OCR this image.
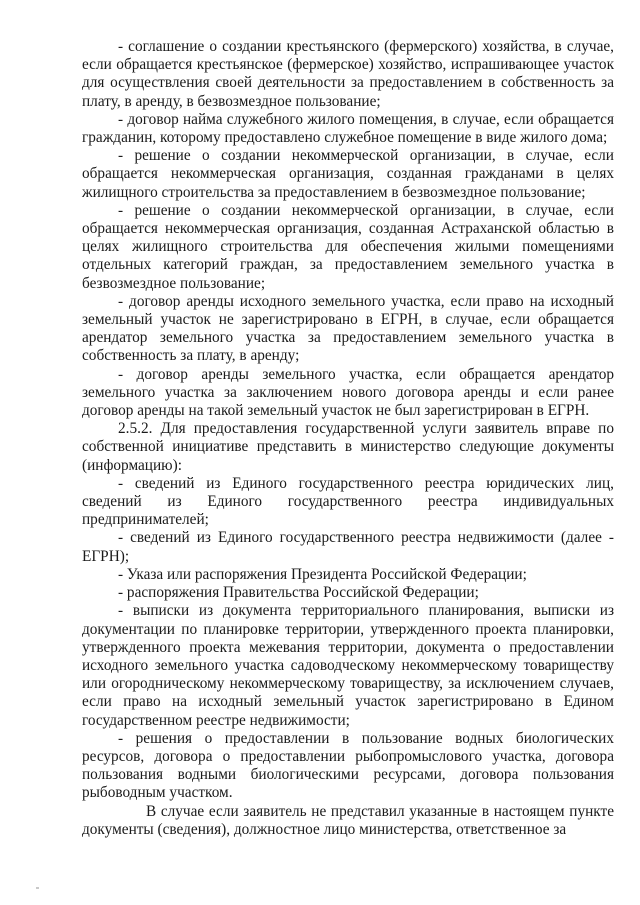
- соглашение о создании крестьянского (фермерского) хозяйства, в случае, если обращается крестьянское (фермерское) хозяйство, испрашивающее участок для осуществления своей деятельности за предоставлением в собственность за плату, в аренду, в безвозмездное пользование;

- договор найма служебного жилого помещения, в случае, если обращается гражданин, которому предоставлено служебное помещение в виде жилого дома;

- решение о создании некоммерческой организации, в случае, если обращается некоммерческая организация, созданная гражданами в целях жилищного строительства за предоставлением в безвозмездное пользование;

- решение о создании некоммерческой организации, в случае, если обращается некоммерческая организация, созданная Астраханской областью в целях жилищного строительства для обеспечения жилыми помещениями отдельных категорий граждан, за предоставлением земельного участка в безвозмездное пользование;

- договор аренды исходного земельного участка, если право на исходный земельный участок не зарегистрировано в ЕГРН, в случае, если обращается арендатор земельного участка за предоставлением земельного участка в собственность за плату, в аренду;

- договор аренды земельного участка, если обращается арендатор земельного участка за заключением нового договора аренды и если ранее договор аренды на такой земельный участок не был зарегистрирован в ЕГРН.

2.5.2. Для предоставления государственной услуги заявитель вправе по собственной инициативе представить в министерство следующие документы (информацию):

- сведений из Единого государственного реестра юридических лиц, сведений из Единого государственного реестра индивидуальных предпринимателей;

- сведений из Единого государственного реестра недвижимости (далее - ЕГРН);

- Указа или распоряжения Президента Российской Федерации;

- распоряжения Правительства Российской Федерации;

- выписки из документа территориального планирования, выписки из документации по планировке территории, утвержденного проекта планировки, утвержденного проекта межевания территории, документа о предоставлении исходного земельного участка садоводческому некоммерческому товариществу или огородническому некоммерческому товариществу, за исключением случаев, если право на исходный земельный участок зарегистрировано в Едином государственном реестре недвижимости;

- решения о предоставлении в пользование водных биологических ресурсов, договора о предоставлении рыбопромыслового участка, договора пользования водными биологическими ресурсами, договора пользования рыбоводным участком.

В случае если заявитель не представил указанные в настоящем пункте документы (сведения), должностное лицо министерства, ответственное за
